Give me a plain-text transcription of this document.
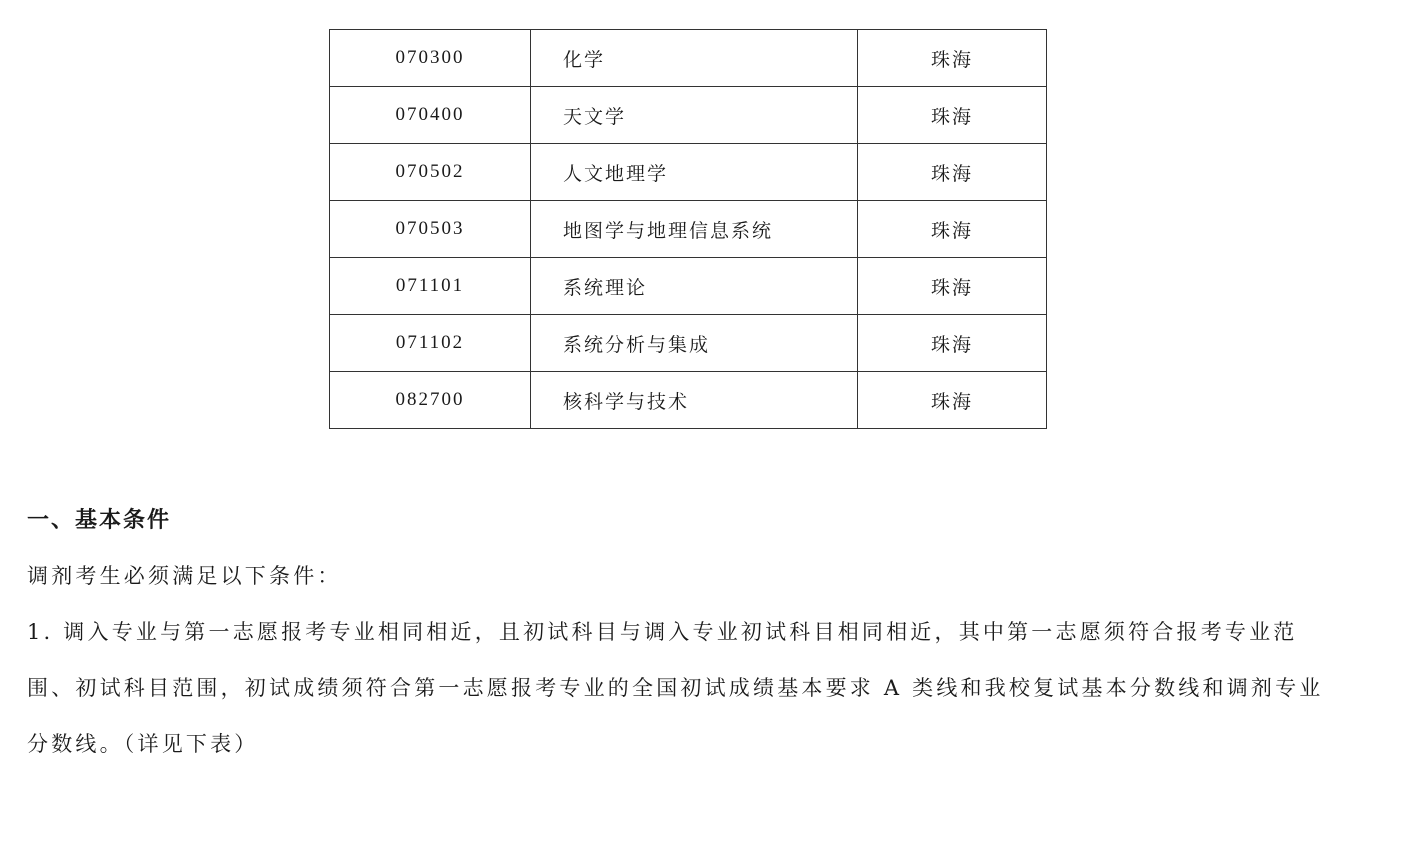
070300	化学	珠海
070400	天文学	珠海
070502	人文地理学	珠海
070503	地图学与地理信息系统	珠海
071101	系统理论	珠海
071102	系统分析与集成	珠海
082700	核科学与技术	珠海
一、基本条件

调剂考生必须满足以下条件：

1. 调入专业与第一志愿报考专业相同相近，且初试科目与调入专业初试科目相同相近，其中第一志愿须符合报考专业范

围、初试科目范围，初试成绩须符合第一志愿报考专业的全国初试成绩基本要求 A 类线和我校复试基本分数线和调剂专业

分数线。（详见下表）
